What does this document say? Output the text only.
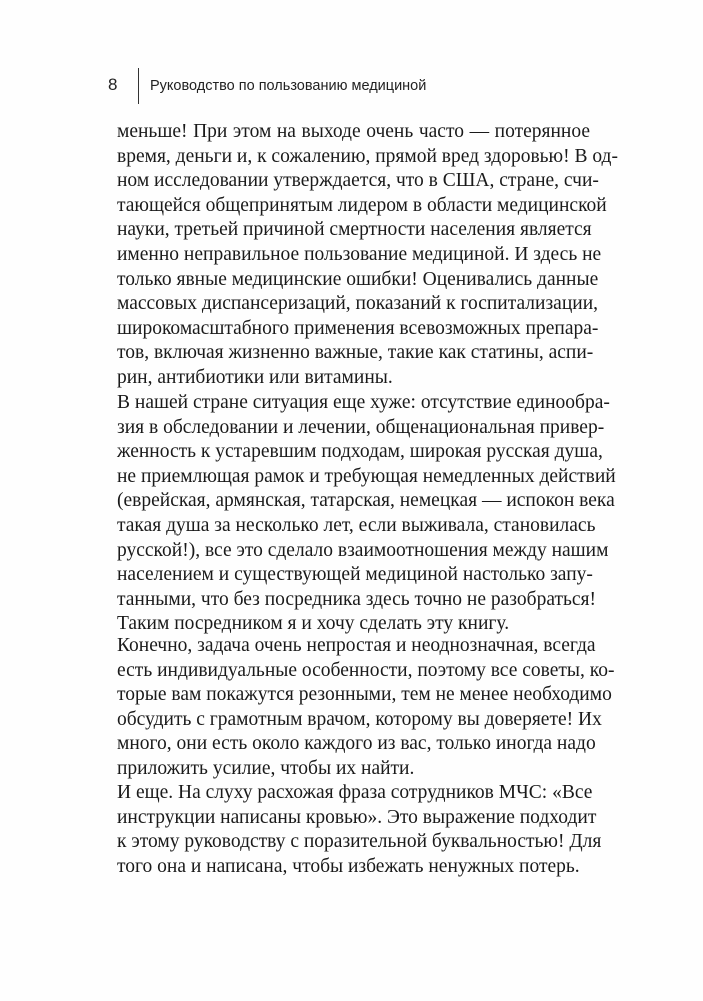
8 Руководство по пользованию медициной
меньше! При этом на выходе очень часто — потерянное
время, деньги и, к сожалению, прямой вред здоровью! В од-
ном исследовании утверждается, что в США, стране, счи-
тающейся общепринятым лидером в области медицинской
науки, третьей причиной смертности населения является
именно неправильное пользование медициной. И здесь не
только явные медицинские ошибки! Оценивались данные
массовых диспансеризаций, показаний к госпитализации,
широкомасштабного применения всевозможных препара-
тов, включая жизненно важные, такие как статины, аспи-
рин, антибиотики или витамины.
В нашей стране ситуация еще хуже: отсутствие единообра-
зия в обследовании и лечении, общенациональная привер-
женность к устаревшим подходам, широкая русская душа,
не приемлющая рамок и требующая немедленных действий
(еврейская, армянская, татарская, немецкая — испокон века
такая душа за несколько лет, если выживала, становилась
русской!), все это сделало взаимоотношения между нашим
населением и существующей медициной настолько запу-
танными, что без посредника здесь точно не разобраться!
Таким посредником я и хочу сделать эту книгу.
Конечно, задача очень непростая и неоднозначная, всегда
есть индивидуальные особенности, поэтому все советы, ко-
торые вам покажутся резонными, тем не менее необходимо
обсудить с грамотным врачом, которому вы доверяете! Их
много, они есть около каждого из вас, только иногда надо
приложить усилие, чтобы их найти.
И еще. На слуху расхожая фраза сотрудников МЧС: «Все
инструкции написаны кровью». Это выражение подходит
к этому руководству с поразительной буквальностью! Для
того она и написана, чтобы избежать ненужных потерь.
